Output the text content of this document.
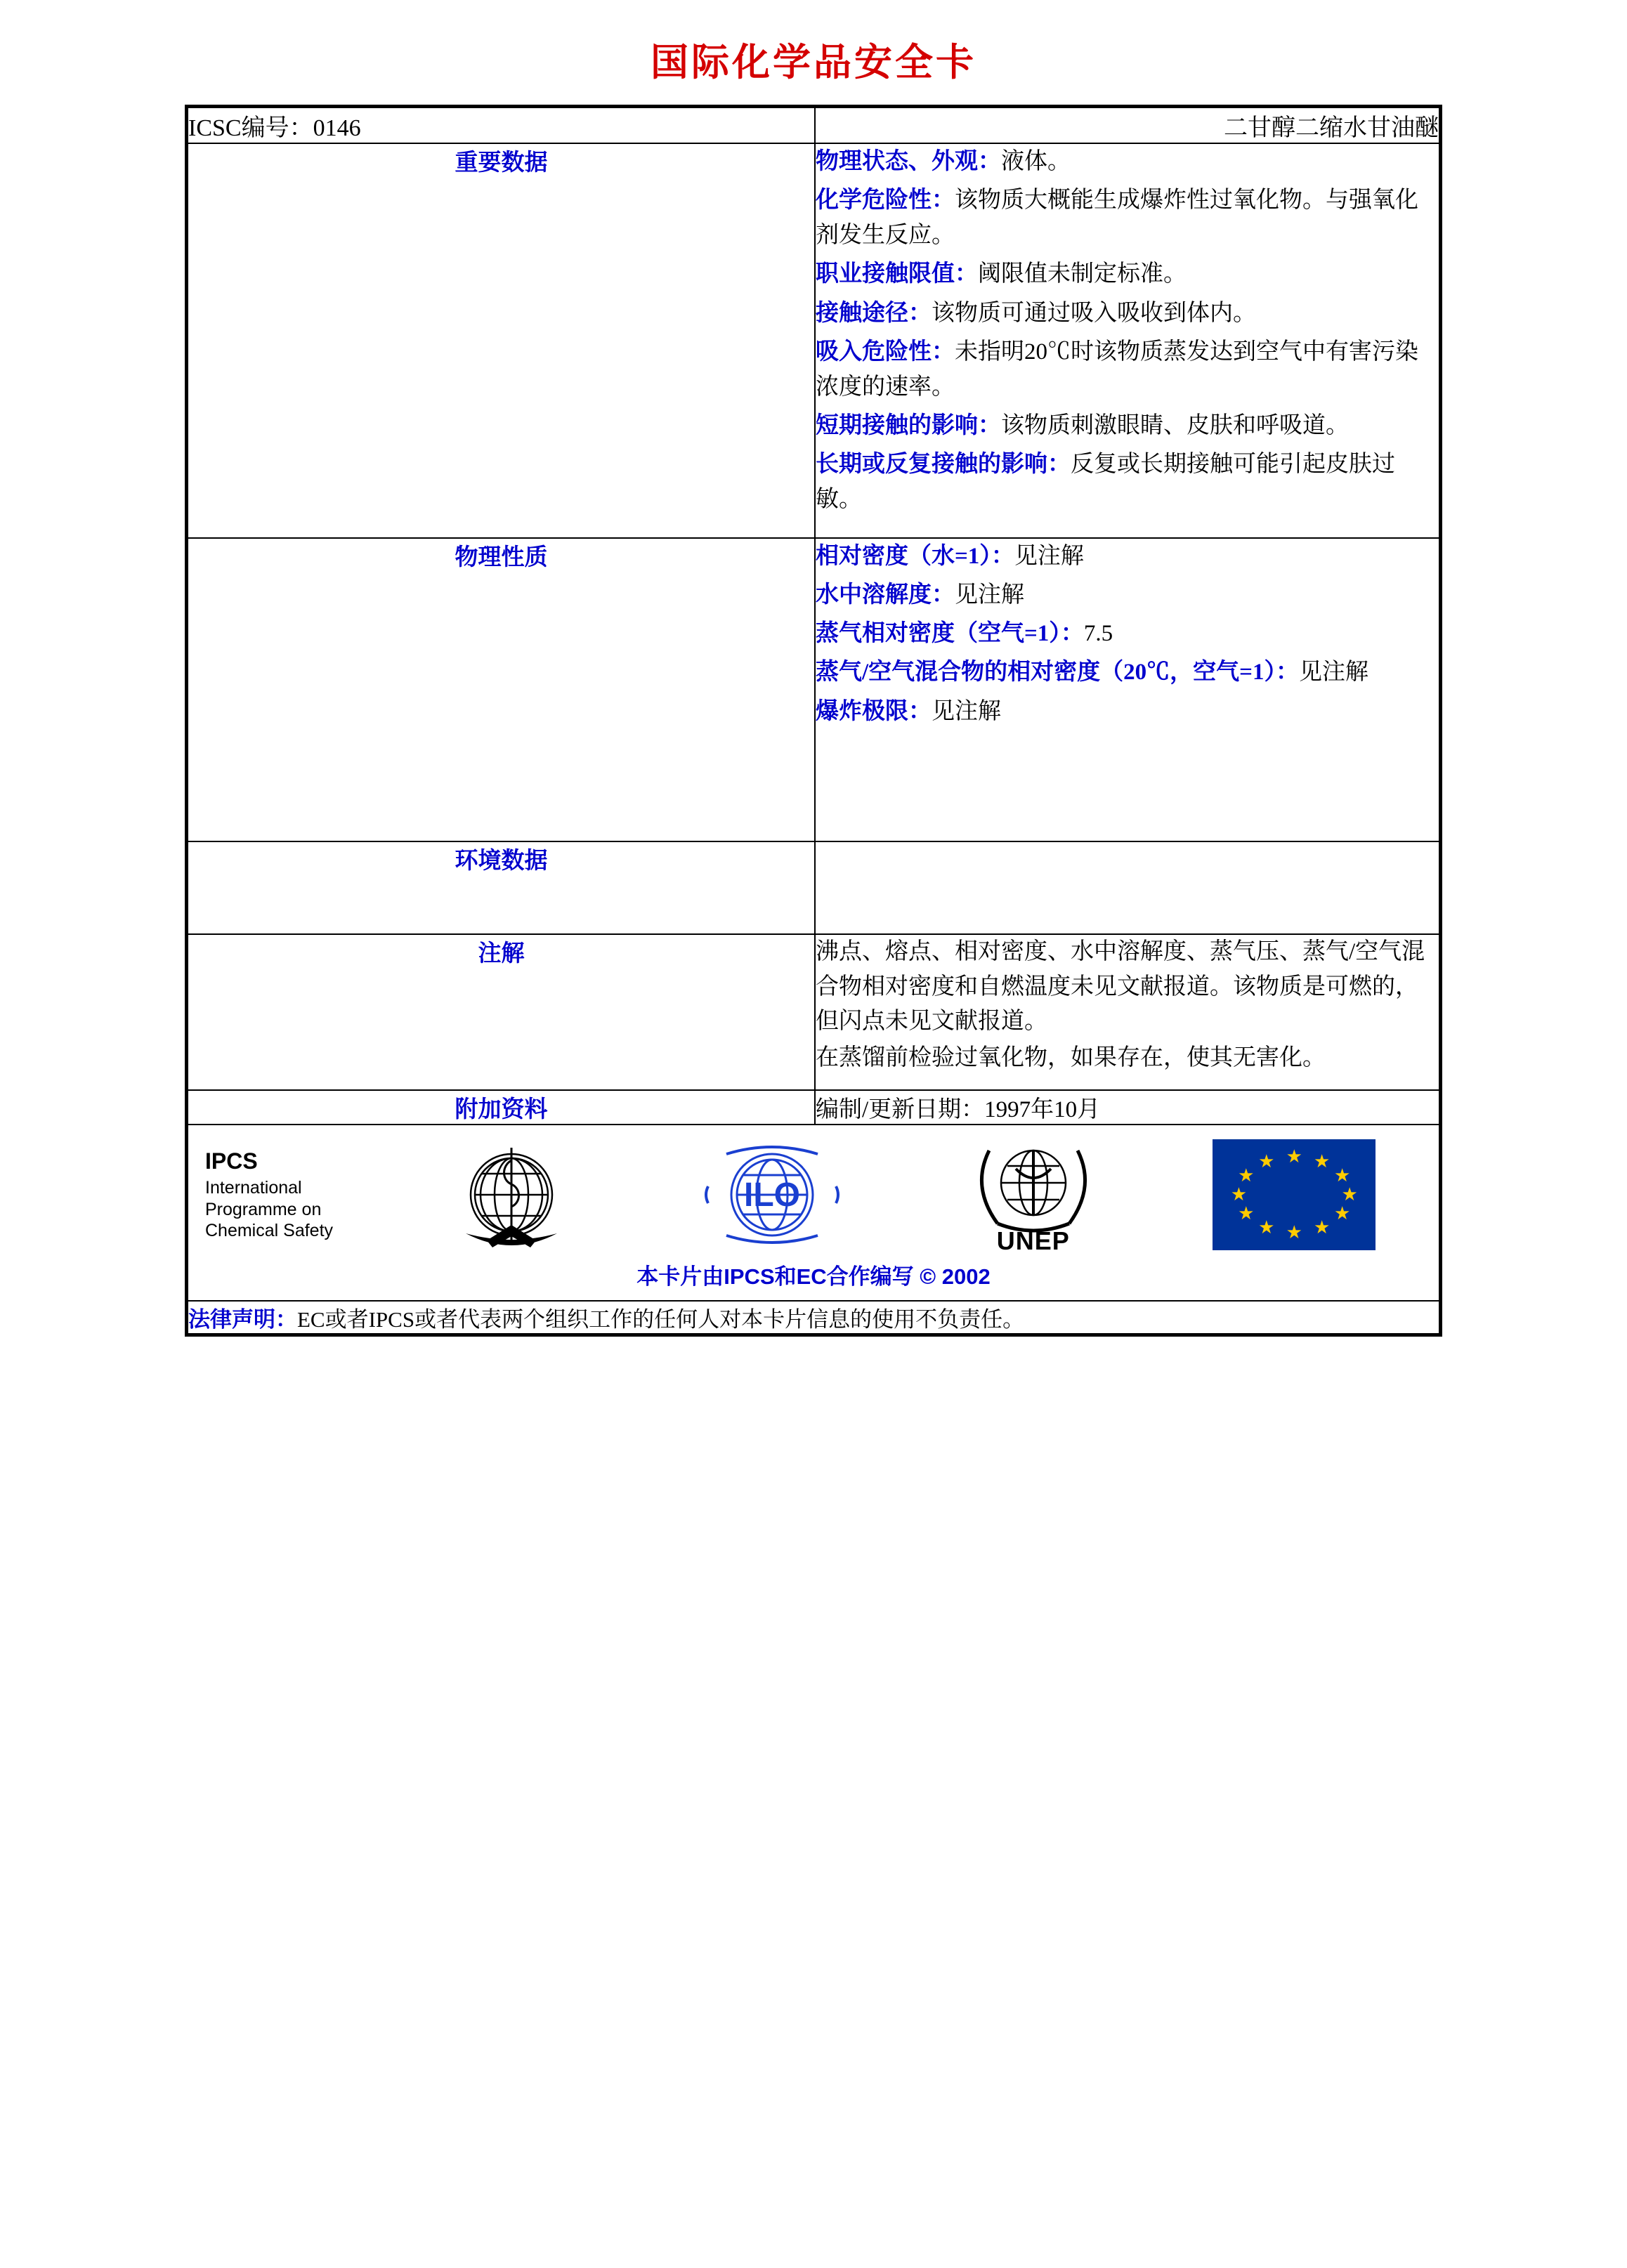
国际化学品安全卡
ICSC编号：0146	二甘醇二缩水甘油醚
重要数据	物理状态、外观：液体。

化学危险性：该物质大概能生成爆炸性过氧化物。与强氧化剂发生反应。

职业接触限值：阈限值未制定标准。

接触途径：该物质可通过吸入吸收到体内。

吸入危险性：未指明20℃时该物质蒸发达到空气中有害污染浓度的速率。

短期接触的影响：该物质刺激眼睛、皮肤和呼吸道。

长期或反复接触的影响：反复或长期接触可能引起皮肤过敏。

物理性质	相对密度（水=1）：见注解

水中溶解度：见注解

蒸气相对密度（空气=1）：7.5

蒸气/空气混合物的相对密度（20℃，空气=1）：见注解

爆炸极限：见注解

环境数据	
注解	沸点、熔点、相对密度、水中溶解度、蒸气压、蒸气/空气混合物相对密度和自燃温度未见文献报道。该物质是可燃的，但闪点未见文献报道。

在蒸馏前检验过氧化物，如果存在，使其无害化。

附加资料	编制/更新日期：1997年10月

IPCS
International
Programme on
Chemical Safety
ILO
UNEP
★ ★
★
★
★
★
★
★
★
★
★
★
本卡片由IPCS和EC合作编写 © 2002

法律声明：EC或者IPCS或者代表两个组织工作的任何人对本卡片信息的使用不负责任。	
